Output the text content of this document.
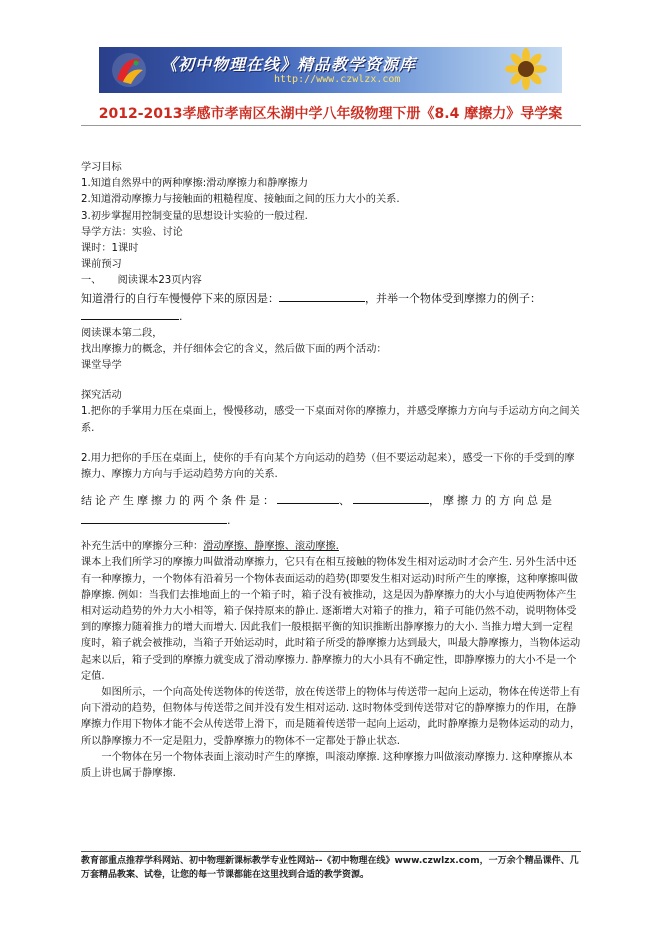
《初中物理在线》精品教学资源库
http://www.czwlzx.com
2012-2013孝感市孝南区朱湖中学八年级物理下册《8.4 摩擦力》导学案

学习目标

1.知道自然界中的两种摩擦:滑动摩擦力和静摩擦力

2.知道滑动摩擦力与接触面的粗糙程度、接触面之间的压力大小的关系.

3.初步掌握用控制变量的思想设计实验的一般过程.

导学方法：实验、讨论

课时：1课时

课前预习

一、     阅读课本23页内容

知道滑行的自行车慢慢停下来的原因是：	，并举一个物体受到摩擦力的例子：.

阅读课本第二段，

找出摩擦力的概念，并仔细体会它的含义，然后做下面的两个活动：

课堂导学

探究活动

1.把你的手掌用力压在桌面上，慢慢移动，感受一下桌面对你的摩擦力，并感受摩擦力方向与手运动方向之间关系.

2.用力把你的手压在桌面上，使你的手有向某个方向运动的趋势（但不要运动起来），感受一下你的手受到的摩擦力、摩擦力方向与手运动趋势方向的关系.

结论产生摩擦力的两个条件是：	、	，摩擦力的方向总是
.

补充生活中的摩擦分三种：滑动摩擦、静摩擦、滚动摩擦.

课本上我们所学习的摩擦力叫做滑动摩擦力，它只有在相互接触的物体发生相对运动时才会产生. 另外生活中还有一种摩擦力，一个物体有沿着另一个物体表面运动的趋势(即要发生相对运动)时所产生的摩擦，这种摩擦叫做静摩擦. 例如：当我们去推地面上的一个箱子时，箱子没有被推动，这是因为静摩擦力的大小与迫使两物体产生相对运动趋势的外力大小相等，箱子保持原来的静止. 逐渐增大对箱子的推力，箱子可能仍然不动，说明物体受到的摩擦力随着推力的增大而增大. 因此我们一般根据平衡的知识推断出静摩擦力的大小. 当推力增大到一定程度时，箱子就会被推动，当箱子开始运动时，此时箱子所受的静摩擦力达到最大，叫最大静摩擦力，当物体运动起来以后，箱子受到的摩擦力就变成了滑动摩擦力. 静摩擦力的大小具有不确定性，即静摩擦力的大小不是一个定值.

如图所示，一个向高处传送物体的传送带，放在传送带上的物体与传送带一起向上运动，物体在传送带上有向下滑动的趋势，但物体与传送带之间并没有发生相对运动. 这时物体受到传送带对它的静摩擦力的作用，在静摩擦力作用下物体才能不会从传送带上滑下，而是随着传送带一起向上运动，此时静摩擦力是物体运动的动力，所以静摩擦力不一定是阻力，受静摩擦力的物体不一定都处于静止状态.

一个物体在另一个物体表面上滚动时产生的摩擦，叫滚动摩擦. 这种摩擦力叫做滚动摩擦力. 这种摩擦从本质上讲也属于静摩擦.

教育部重点推荐学科网站、初中物理新课标教学专业性网站--《初中物理在线》www.czwlzx.com，一万余个精品课件、几万套精品教案、试卷，让您的每一节课都能在这里找到合适的教学资源。
